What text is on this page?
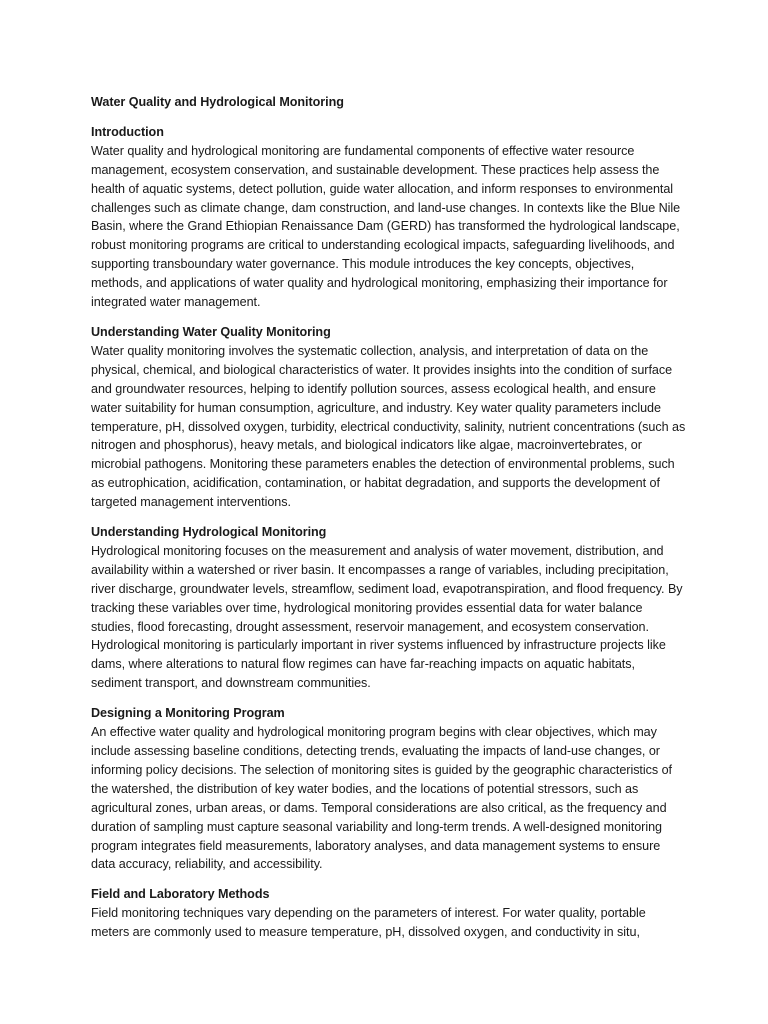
Water Quality and Hydrological Monitoring

Introduction

Water quality and hydrological monitoring are fundamental components of effective water resource management, ecosystem conservation, and sustainable development. These practices help assess the health of aquatic systems, detect pollution, guide water allocation, and inform responses to environmental challenges such as climate change, dam construction, and land-use changes. In contexts like the Blue Nile Basin, where the Grand Ethiopian Renaissance Dam (GERD) has transformed the hydrological landscape, robust monitoring programs are critical to understanding ecological impacts, safeguarding livelihoods, and supporting transboundary water governance. This module introduces the key concepts, objectives, methods, and applications of water quality and hydrological monitoring, emphasizing their importance for integrated water management.

Understanding Water Quality Monitoring

Water quality monitoring involves the systematic collection, analysis, and interpretation of data on the physical, chemical, and biological characteristics of water. It provides insights into the condition of surface and groundwater resources, helping to identify pollution sources, assess ecological health, and ensure water suitability for human consumption, agriculture, and industry. Key water quality parameters include temperature, pH, dissolved oxygen, turbidity, electrical conductivity, salinity, nutrient concentrations (such as nitrogen and phosphorus), heavy metals, and biological indicators like algae, macroinvertebrates, or microbial pathogens. Monitoring these parameters enables the detection of environmental problems, such as eutrophication, acidification, contamination, or habitat degradation, and supports the development of targeted management interventions.

Understanding Hydrological Monitoring

Hydrological monitoring focuses on the measurement and analysis of water movement, distribution, and availability within a watershed or river basin. It encompasses a range of variables, including precipitation, river discharge, groundwater levels, streamflow, sediment load, evapotranspiration, and flood frequency. By tracking these variables over time, hydrological monitoring provides essential data for water balance studies, flood forecasting, drought assessment, reservoir management, and ecosystem conservation. Hydrological monitoring is particularly important in river systems influenced by infrastructure projects like dams, where alterations to natural flow regimes can have far-reaching impacts on aquatic habitats, sediment transport, and downstream communities.

Designing a Monitoring Program

An effective water quality and hydrological monitoring program begins with clear objectives, which may include assessing baseline conditions, detecting trends, evaluating the impacts of land-use changes, or informing policy decisions. The selection of monitoring sites is guided by the geographic characteristics of the watershed, the distribution of key water bodies, and the locations of potential stressors, such as agricultural zones, urban areas, or dams. Temporal considerations are also critical, as the frequency and duration of sampling must capture seasonal variability and long-term trends. A well-designed monitoring program integrates field measurements, laboratory analyses, and data management systems to ensure data accuracy, reliability, and accessibility.

Field and Laboratory Methods

Field monitoring techniques vary depending on the parameters of interest. For water quality, portable meters are commonly used to measure temperature, pH, dissolved oxygen, and conductivity in situ,
